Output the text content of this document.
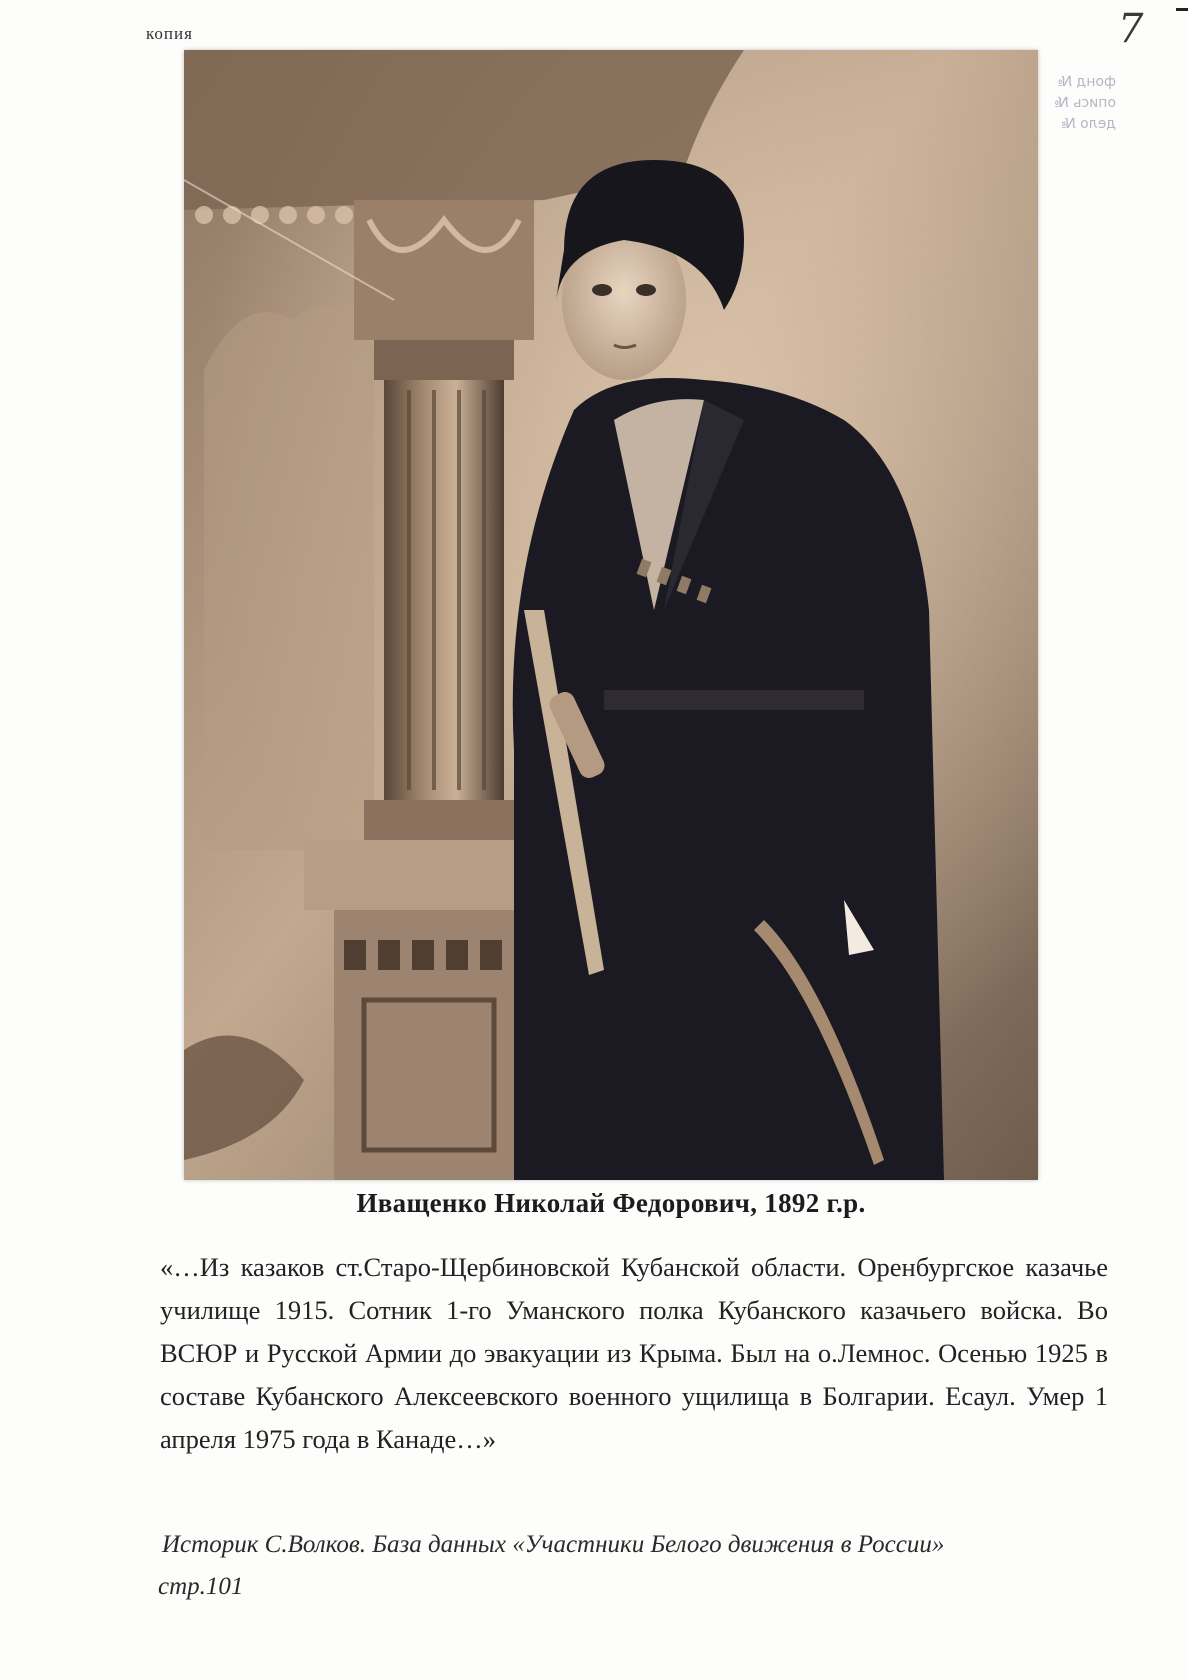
копия	7
фонд №
опись №
дело №
Иващенко Николай Федорович, 1892 г.р.
«…Из казаков ст.Старо-Щербиновской Кубанской области. Оренбургское казачье училище 1915. Сотник 1-го Уманского полка Кубанского казачьего войска. Во ВСЮР и Русской Армии до эвакуации из Крыма. Был на о.Лемнос. Осенью 1925 в составе Кубанского Алексеевского военного ущилища в Болгарии. Есаул. Умер 1 апреля 1975 года в Канаде…»
Историк С.Волков. База данных «Участники Белого движения в России»
стр.101
